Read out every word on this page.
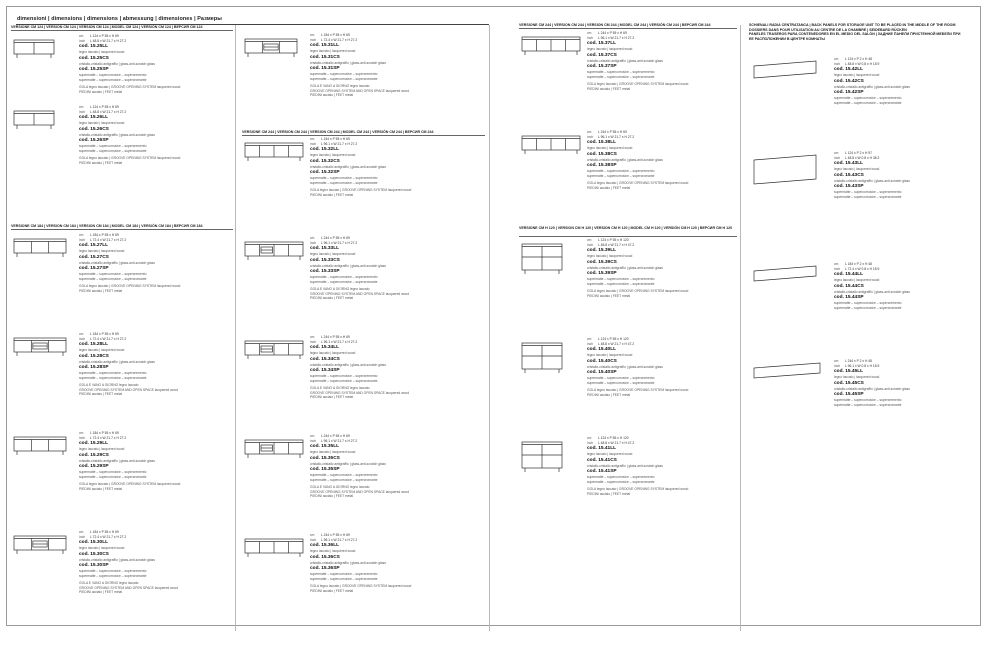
dimensioni | dimensions | dimensions | abmessung | dimensiones | Размеры
VERSIONE CM 124 | VERSION CM 124 | VERSION CM 124 | MODEL CM 124 | VERSIÓN CM 124 | ВЕРСИЯ СМ 124
VERSIONE CM 184 | VERSION CM 184 | VERSION CM 184 | MODEL CM 184 | VERSIÓN CM 184 | ВЕРСИЯ СМ 184
VERSIONE CM 244 | VERSION CM 244 | VERSION CM 244 | MODEL CM 244 | VERSIÓN CM 244 | ВЕРСИЯ СМ 244
VERSIONE CM 244 | VERSION CM 244 | VERSION CM 244 | MODEL CM 244 | VERSIÓN CM 244 | ВЕРСИЯ СМ 244
VERSIONE CM H 120 | VERSION CM H 120 | VERSION CM H 120 | MODEL CM H 120 | VERSIÓN CM H 120 | ВЕРСИЯ СМ Н 120
SCHIENALI RADIA CENTRATANCA | BACK PANELS FOR STORAGE UNIT TO BE PLACED IN THE MIDDLE OF THE ROOM
DOSSIERS DANS POUR UTILISATION AU CENTRE DE LA CHAMBRE | SEIDEBARD RÜCKEN
PANELES TRASEROS PARA CONTENEDORES EN EL MEDIO DEL SALÓN | ЗАДНИЕ ПАНЕЛИ ПРИСТЕННОЙ МЕБЕЛИ ПРИ
ЕЕ РАСПОЛОЖЕНИИ В ЦЕНТРЕ КОМНАТЫ
cm L 124 x P 55 x H 69
inch L 48.8 x W 21.7 x H 27.2
cod. 15.25LL
legno laccato | lacquered wood
cod. 15.25CS
cristallo-cristallo antigraffio | glass-anti-scratch glass
cod. 15.25SP
supermatte – supercorrosive – supercremento
supermatte – supercorrosive – supercromante
GOLA legno laccato | GROOVE OPENING SYSTEM lacquered wood
PIEDINI acciaio | FEET metal
cm L 124 x P 55 x H 69
inch L 48.8 x W 21.7 x H 27.2
cod. 15.26LL
legno laccato | lacquered wood
cod. 15.26CS
cristallo-cristallo antigraffio | glass-anti-scratch glass
cod. 15.26SP
supermatte – supercorrosive – supercremento
supermatte – supercorrosive – supercromante
GOLA legno laccato | GROOVE OPENING SYSTEM lacquered wood
PIEDINI acciaio | FEET metal
cm L 184 x P 55 x H 69
inch L 72.4 x W 21.7 x H 27.2
cod. 15.27LL
legno laccato | lacquered wood
cod. 15.27CS
cristallo-cristallo antigraffio | glass-anti-scratch glass
cod. 15.27SP
supermatte – supercorrosive – supercremento
supermatte – supercorrosive – supercromante
GOLA legno laccato | GROOVE OPENING SYSTEM lacquered wood
PIEDINI acciaio | FEET metal
cm L 184 x P 55 x H 69
inch L 72.4 x W 21.7 x H 27.2
cod. 15.28LL
legno laccato | lacquered wood
cod. 15.28CS
cristallo-cristallo antigraffio | glass-anti-scratch glass
cod. 15.28SP
supermatte – supercorrosive – supercremento
supermatte – supercorrosive – supercromante
GOLA E VANO A GIORNO legno laccato
GROOVE OPENING SYSTEM AND OPEN SPACE lacquered wood
PIEDINI acciaio | FEET metal
cm L 184 x P 55 x H 69
inch L 72.4 x W 21.7 x H 27.2
cod. 15.29LL
legno laccato | lacquered wood
cod. 15.29CS
cristallo-cristallo antigraffio | glass-anti-scratch glass
cod. 15.29SP
supermatte – supercorrosive – supercremento
supermatte – supercorrosive – supercromante
GOLA legno laccato | GROOVE OPENING SYSTEM lacquered wood
PIEDINI acciaio | FEET metal
cm L 184 x P 55 x H 69
inch L 72.4 x W 21.7 x H 27.2
cod. 15.30LL
legno laccato | lacquered wood
cod. 15.30CS
cristallo-cristallo antigraffio | glass-anti-scratch glass
cod. 15.30SP
supermatte – supercorrosive – supercremento
supermatte – supercorrosive – supercromante
GOLA E VANO A GIORNO legno laccato
GROOVE OPENING SYSTEM AND OPEN SPACE lacquered wood
PIEDINI acciaio | FEET metal
cm L 184 x P 55 x H 69
inch L 72.4 x W 21.7 x H 27.2
cod. 15.31LL
legno laccato | lacquered wood
cod. 15.31CS
cristallo-cristallo antigraffio | glass-anti-scratch glass
cod. 15.31SP
supermatte – supercorrosive – supercremento
supermatte – supercorrosive – supercromante
GOLA E VANO A GIORNO legno laccato
GROOVE OPENING SYSTEM AND OPEN SPACE lacquered wood
PIEDINI acciaio | FEET metal
cm L 244 x P 55 x H 69
inch L 96.1 x W 21.7 x H 27.2
cod. 15.32LL
legno laccato | lacquered wood
cod. 15.32CS
cristallo-cristallo antigraffio | glass-anti-scratch glass
cod. 15.32SP
supermatte – supercorrosive – supercremento
supermatte – supercorrosive – supercromante
GOLA legno laccato | GROOVE OPENING SYSTEM lacquered wood
PIEDINI acciaio | FEET metal
cm L 244 x P 55 x H 69
inch L 96.1 x W 21.7 x H 27.2
cod. 15.33LL
legno laccato | lacquered wood
cod. 15.33CS
cristallo-cristallo antigraffio | glass-anti-scratch glass
cod. 15.33SP
supermatte – supercorrosive – supercremento
supermatte – supercorrosive – supercromante
GOLA E VANO A GIORNO legno laccato
GROOVE OPENING SYSTEM AND OPEN SPACE lacquered wood
PIEDINI acciaio | FEET metal
cm L 244 x P 55 x H 69
inch L 96.1 x W 21.7 x H 27.2
cod. 15.34LL
legno laccato | lacquered wood
cod. 15.34CS
cristallo-cristallo antigraffio | glass-anti-scratch glass
cod. 15.34SP
supermatte – supercorrosive – supercremento
supermatte – supercorrosive – supercromante
GOLA E VANO A GIORNO legno laccato
GROOVE OPENING SYSTEM AND OPEN SPACE lacquered wood
PIEDINI acciaio | FEET metal
cm L 244 x P 55 x H 69
inch L 96.1 x W 21.7 x H 27.2
cod. 15.35LL
legno laccato | lacquered wood
cod. 15.35CS
cristallo-cristallo antigraffio | glass-anti-scratch glass
cod. 15.35SP
supermatte – supercorrosive – supercremento
supermatte – supercorrosive – supercromante
GOLA E VANO A GIORNO legno laccato
GROOVE OPENING SYSTEM AND OPEN SPACE lacquered wood
PIEDINI acciaio | FEET metal
cm L 244 x P 55 x H 69
inch L 96.1 x W 21.7 x H 27.2
cod. 15.36LL
legno laccato | lacquered wood
cod. 15.36CS
cristallo-cristallo antigraffio | glass-anti-scratch glass
cod. 15.36SP
supermatte – supercorrosive – supercremento
supermatte – supercorrosive – supercromante
GOLA legno laccato | GROOVE OPENING SYSTEM lacquered wood
PIEDINI acciaio | FEET metal
cm L 244 x P 55 x H 69
inch L 96.1 x W 21.7 x H 27.2
cod. 15.37LL
legno laccato | lacquered wood
cod. 15.37CS
cristallo-cristallo antigraffio | glass-anti-scratch glass
cod. 15.37SP
supermatte – supercorrosive – supercremento
supermatte – supercorrosive – supercromante
GOLA legno laccato | GROOVE OPENING SYSTEM lacquered wood
PIEDINI acciaio | FEET metal
cm L 244 x P 55 x H 69
inch L 96.1 x W 21.7 x H 27.2
cod. 15.38LL
legno laccato | lacquered wood
cod. 15.38CS
cristallo-cristallo antigraffio | glass-anti-scratch glass
cod. 15.38SP
supermatte – supercorrosive – supercremento
supermatte – supercorrosive – supercromante
GOLA legno laccato | GROOVE OPENING SYSTEM lacquered wood
PIEDINI acciaio | FEET metal
cm L 124 x P 55 x H 120
inch L 48.8 x W 21.7 x H 47.2
cod. 15.39LL
legno laccato | lacquered wood
cod. 15.39CS
cristallo-cristallo antigraffio | glass-anti-scratch glass
cod. 15.39SP
supermatte – supercorrosive – supercremento
supermatte – supercorrosive – supercromante
GOLA legno laccato | GROOVE OPENING SYSTEM lacquered wood
PIEDINI acciaio | FEET metal
cm L 124 x P 55 x H 120
inch L 48.8 x W 21.7 x H 47.2
cod. 15.40LL
legno laccato | lacquered wood
cod. 15.40CS
cristallo-cristallo antigraffio | glass-anti-scratch glass
cod. 15.40SP
supermatte – supercorrosive – supercremento
supermatte – supercorrosive – supercromante
GOLA legno laccato | GROOVE OPENING SYSTEM lacquered wood
PIEDINI acciaio | FEET metal
cm L 124 x P 55 x H 120
inch L 48.8 x W 21.7 x H 47.2
cod. 15.41LL
legno laccato | lacquered wood
cod. 15.41CS
cristallo-cristallo antigraffio | glass-anti-scratch glass
cod. 15.41SP
supermatte – supercorrosive – supercremento
supermatte – supercorrosive – supercromante
GOLA legno laccato | GROOVE OPENING SYSTEM lacquered wood
PIEDINI acciaio | FEET metal
cm L 124 x P 2 x H 48
inch L 48.8 x W 0.8 x H 18.9
cod. 15.42LL
legno laccato | lacquered wood
cod. 15.42CS
cristallo-cristallo antigraffio | glass-anti-scratch glass
cod. 15.42SP
supermatte – supercorrosive – supercremento
supermatte – supercorrosive – supercromante
cm L 124 x P 2 x H 97
inch L 48.8 x W 0.8 x H 38.2
cod. 15.43LL
legno laccato | lacquered wood
cod. 15.43CS
cristallo-cristallo antigraffio | glass-anti-scratch glass
cod. 15.43SP
supermatte – supercorrosive – supercremento
supermatte – supercorrosive – supercromante
cm L 184 x P 2 x H 48
inch L 72.4 x W 0.8 x H 18.9
cod. 15.44LL
legno laccato | lacquered wood
cod. 15.44CS
cristallo-cristallo antigraffio | glass-anti-scratch glass
cod. 15.44SP
supermatte – supercorrosive – supercremento
supermatte – supercorrosive – supercromante
cm L 244 x P 2 x H 48
inch L 96.1 x W 0.8 x H 18.9
cod. 15.45LL
legno laccato | lacquered wood
cod. 15.45CS
cristallo-cristallo antigraffio | glass-anti-scratch glass
cod. 15.45SP
supermatte – supercorrosive – supercremento
supermatte – supercorrosive – supercromante
